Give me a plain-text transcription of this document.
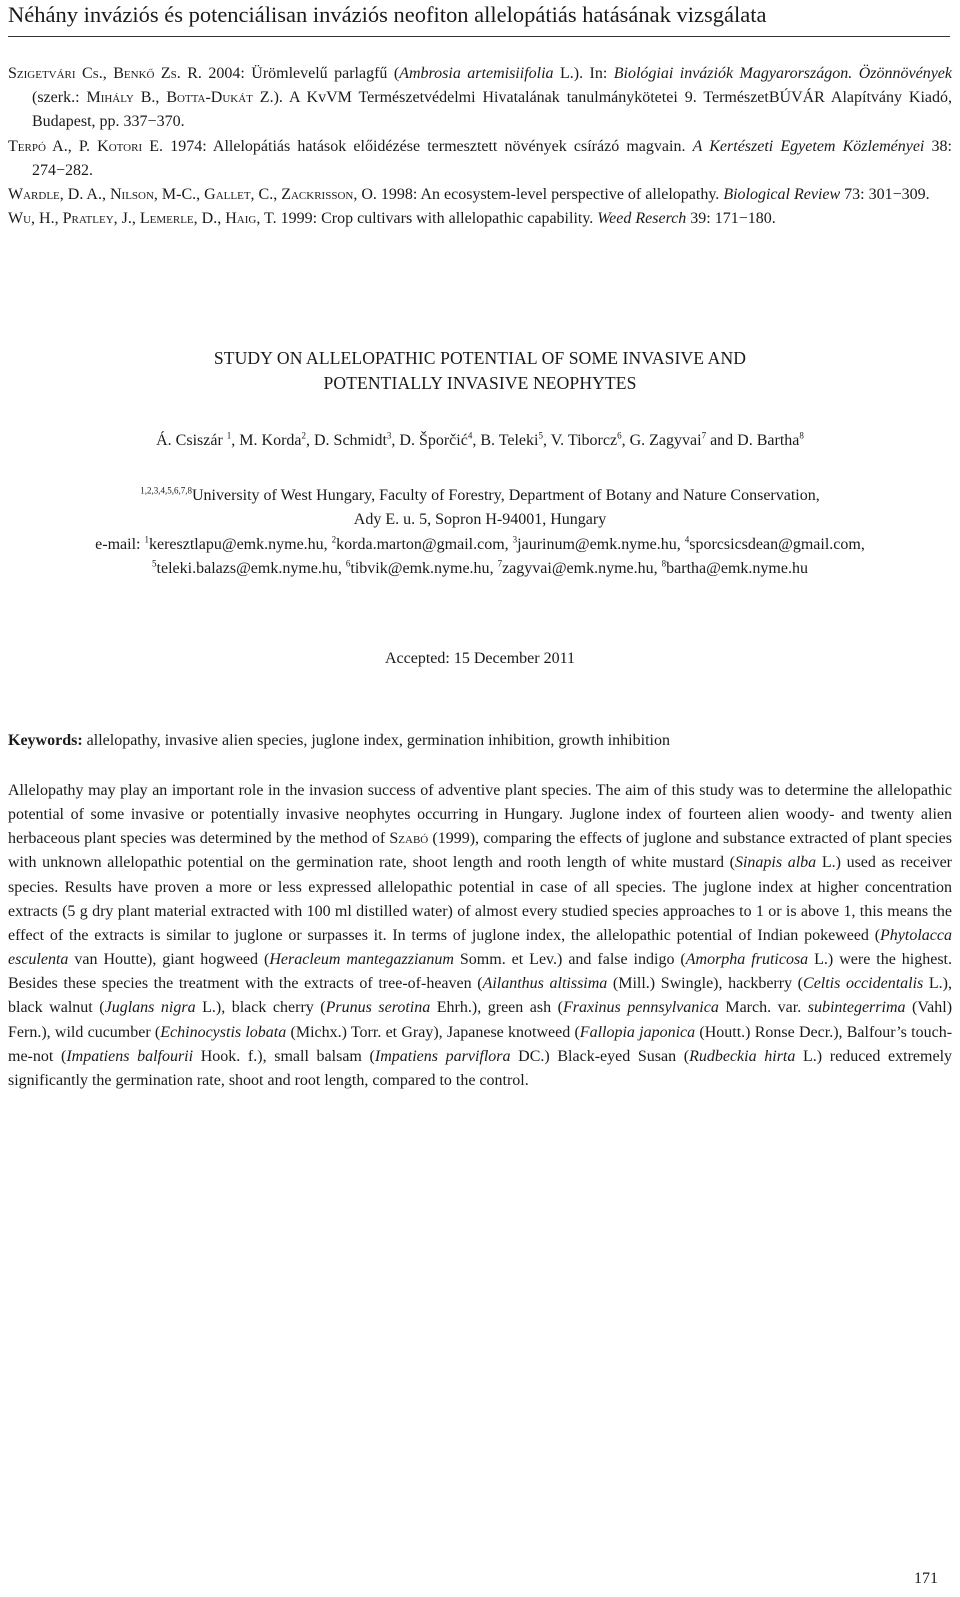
Néhány inváziós és potenciálisan inváziós neofiton allelopátiás hatásának vizsgálata

Szigetvári Cs., Benkő Zs. R. 2004: Ürömlevelű parlagfű (Ambrosia artemisiifolia L.). In: Biológiai inváziók Magyarországon. Özönnövények (szerk.: Mihály B., Botta-Dukát Z.). A KvVM Természetvédelmi Hivatalának tanulmánykötetei 9. TermészetBÚVÁR Alapítvány Kiadó, Budapest, pp. 337−370.

Terpó A., P. Kotori E. 1974: Allelopátiás hatások előidézése termesztett növények csírázó magvain. A Kertészeti Egyetem Közleményei 38: 274−282.

Wardle, D. A., Nilson, M-C., Gallet, C., Zackrisson, O. 1998: An ecosystem-level perspective of allelopathy. Biological Review 73: 301−309.

Wu, H., Pratley, J., Lemerle, D., Haig, T. 1999: Crop cultivars with allelopathic capability. Weed Reserch 39: 171−180.

STUDY ON ALLELOPATHIC POTENTIAL OF SOME INVASIVE AND
POTENTIALLY INVASIVE NEOPHYTES
Á. Csiszár $^1$, M. Korda$^2$, D. Schmidt$^3$, D. Šporčić$^4$, B. Teleki$^5$, V. Tiborcz$^6$, G. Zagyvai$^7$ and D. Bartha$^8$
$^{1,2,3,4,5,6,7,8}$University of West Hungary, Faculty of Forestry, Department of Botany and Nature Conservation,
Ady E. u. 5, Sopron H-94001, Hungary
e-mail: $^1$keresztlapu@emk.nyme.hu, $^2$korda.marton@gmail.com, $^3$jaurinum@emk.nyme.hu, $^4$sporcsicsdean@gmail.com, $^5$teleki.balazs@emk.nyme.hu, $^6$tibvik@emk.nyme.hu, $^7$zagyvai@emk.nyme.hu, $^8$bartha@emk.nyme.hu
Accepted: 15 December 2011
Keywords: allelopathy, invasive alien species, juglone index, germination inhibition, growth inhibition

Allelopathy may play an important role in the invasion success of adventive plant species. The aim of this study was to determine the allelopathic potential of some invasive or potentially invasive neophytes occurring in Hungary. Juglone index of fourteen alien woody- and twenty alien herbaceous plant species was determined by the method of Szabó (1999), comparing the effects of juglone and substance extracted of plant species with unknown allelopathic potential on the germination rate, shoot length and rooth length of white mustard (Sinapis alba L.) used as receiver species. Results have proven a more or less expressed allelopathic potential in case of all species. The juglone index at higher concentration extracts (5 g dry plant material extracted with 100 ml distilled water) of almost every studied species approaches to 1 or is above 1, this means the effect of the extracts is similar to juglone or surpasses it. In terms of juglone index, the allelopathic potential of Indian pokeweed (Phytolacca esculenta van Houtte), giant hogweed (Heracleum mantegazzianum Somm. et Lev.) and false indigo (Amorpha fruticosa L.) were the highest. Besides these species the treatment with the extracts of tree-of-heaven (Ailanthus altissima (Mill.) Swingle), hackberry (Celtis occidentalis L.), black walnut (Juglans nigra L.), black cherry (Prunus serotina Ehrh.), green ash (Fraxinus pennsylvanica March. var. subintegerrima (Vahl) Fern.), wild cucumber (Echinocystis lobata (Michx.) Torr. et Gray), Japanese knotweed (Fallopia japonica (Houtt.) Ronse Decr.), Balfour’s touch-me-not (Impatiens balfourii Hook. f.), small balsam (Impatiens parviflora DC.) Black-eyed Susan (Rudbeckia hirta L.) reduced extremely significantly the germination rate, shoot and root length, compared to the control.

171
